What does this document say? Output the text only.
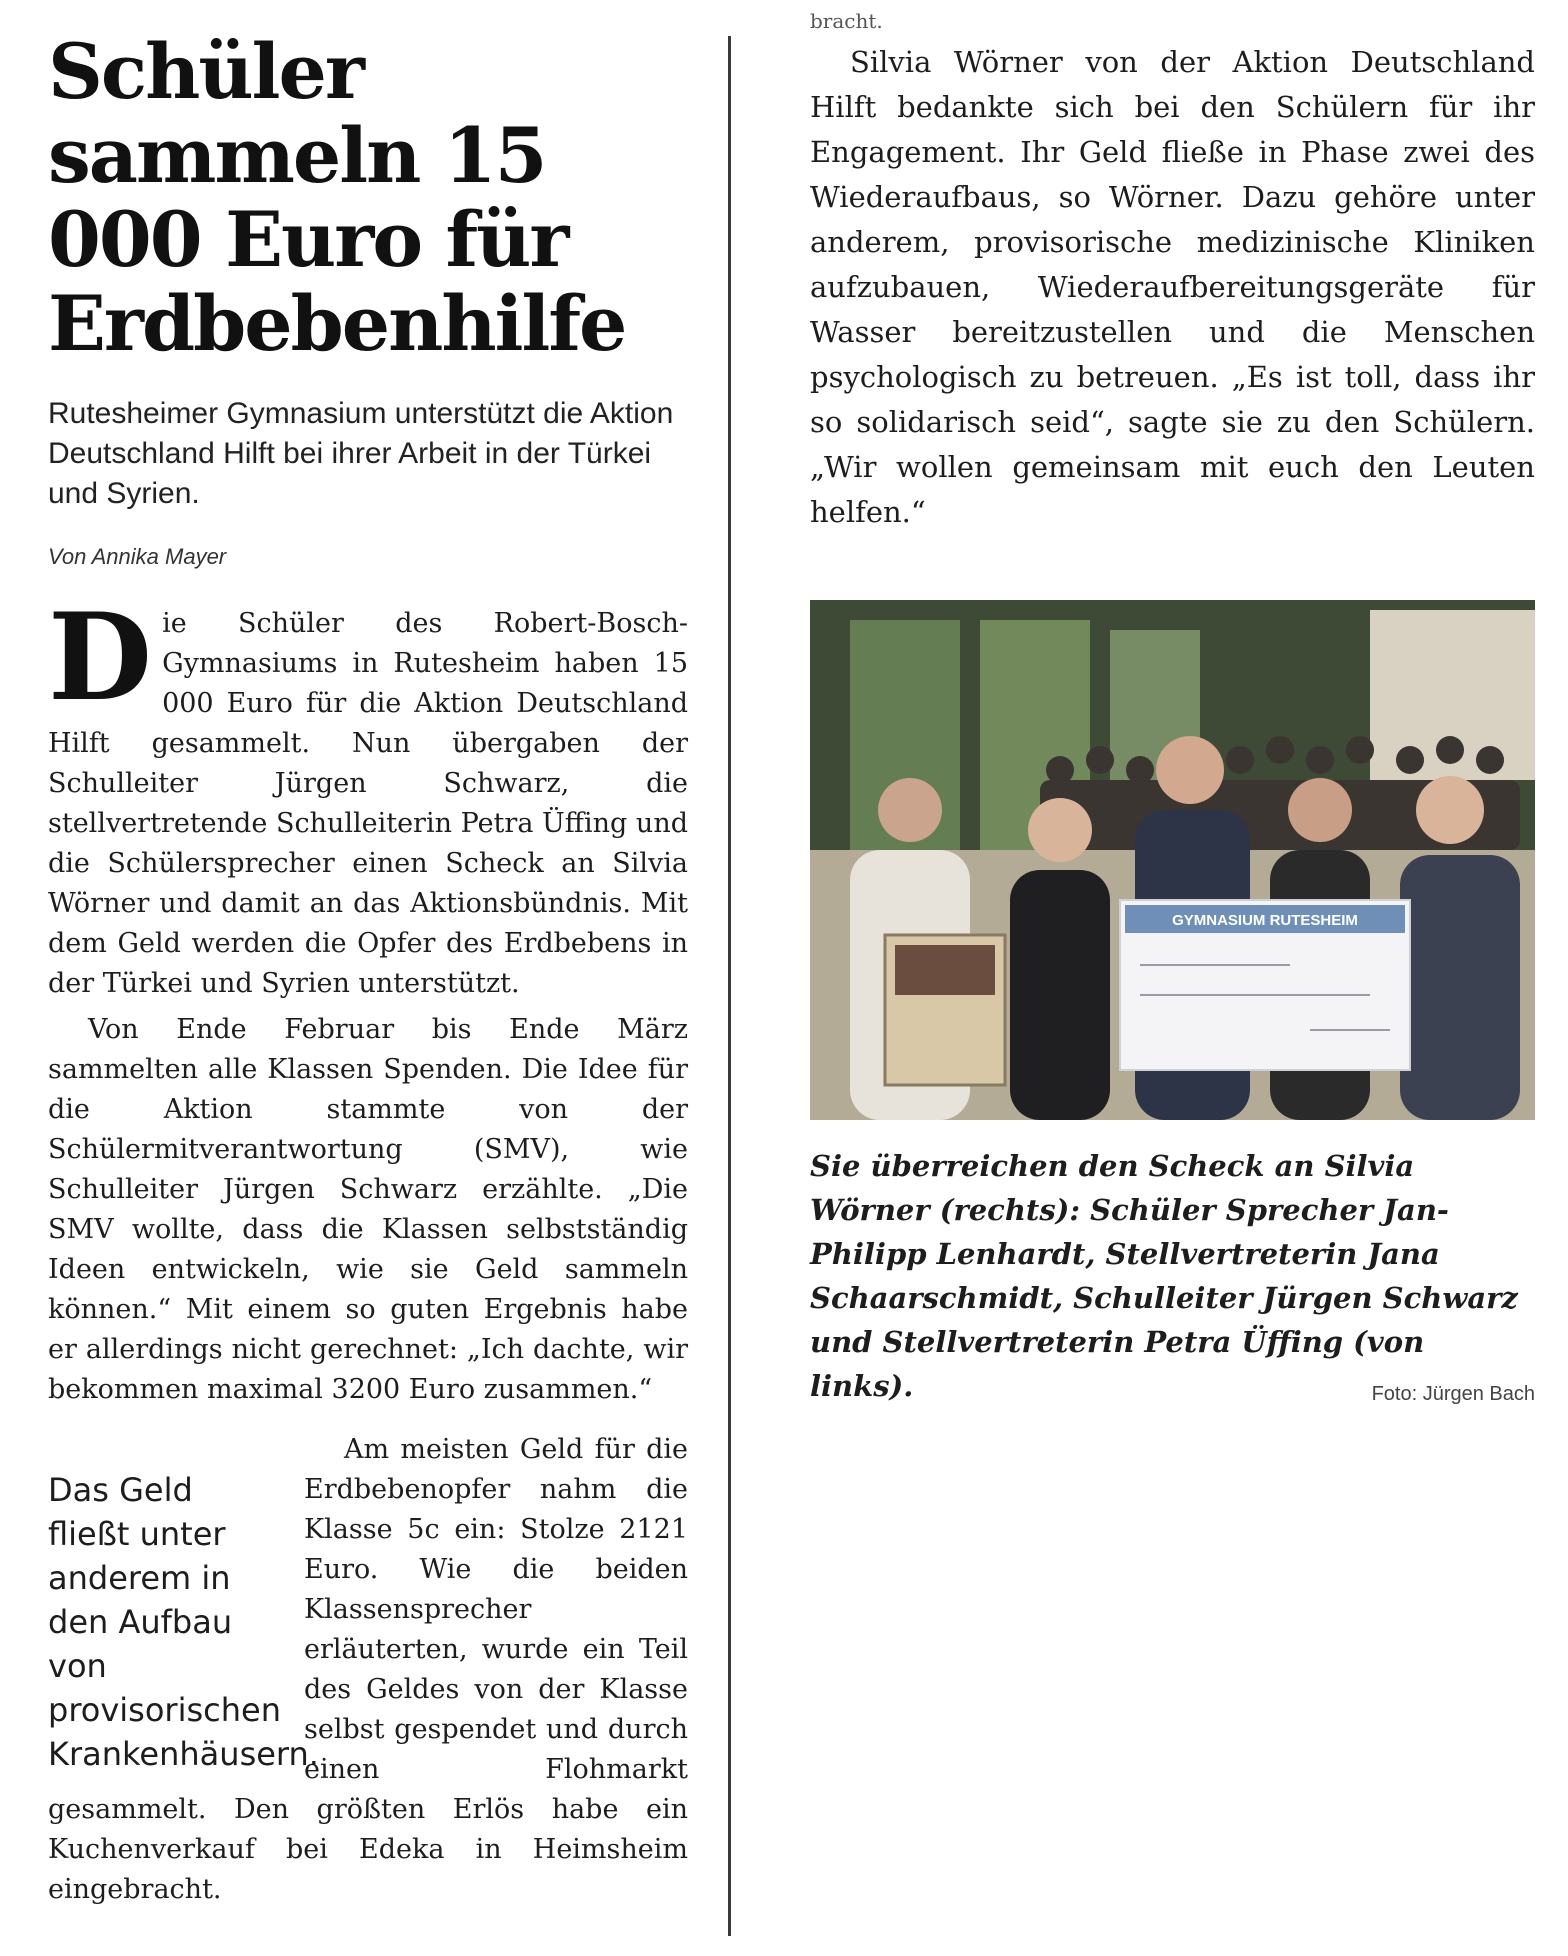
Schüler sammeln 15 000 Euro für Erdbebenhilfe

Rutesheimer Gymnasium unterstützt die Aktion Deutschland Hilft bei ihrer Arbeit in der Türkei und Syrien.

Von Annika Mayer

Die Schüler des Robert-Bosch-Gymnasiums in Rutesheim haben 15 000 Euro für die Aktion Deutschland Hilft gesammelt. Nun übergaben der Schulleiter Jürgen Schwarz, die stellvertretende Schulleiterin Petra Üffing und die Schülersprecher einen Scheck an Silvia Wörner und damit an das Aktionsbündnis. Mit dem Geld werden die Opfer des Erdbebens in der Türkei und Syrien unterstützt.

Von Ende Februar bis Ende März sammelten alle Klassen Spenden. Die Idee für die Aktion stammte von der Schülermitverantwortung (SMV), wie Schulleiter Jürgen Schwarz erzählte. „Die SMV wollte, dass die Klassen selbstständig Ideen entwickeln, wie sie Geld sammeln können.“ Mit einem so guten Ergebnis habe er allerdings nicht gerechnet: „Ich dachte, wir bekommen maximal 3200 Euro zusammen.“

Das Geld fließt unter anderem in den Aufbau von provisorischen Krankenhäusern.

Am meisten Geld für die Erdbebenopfer nahm die Klasse 5c ein: Stolze 2121 Euro. Wie die beiden Klassensprecher erläuterten, wurde ein Teil des Geldes von der Klasse selbst gespendet und durch einen Flohmarkt gesammelt. Den größten Erlös habe ein Kuchenverkauf bei Edeka in Heimsheim eingebracht.

bracht.

Silvia Wörner von der Aktion Deutschland Hilft bedankte sich bei den Schülern für ihr Engagement. Ihr Geld fließe in Phase zwei des Wiederaufbaus, so Wörner. Dazu gehöre unter anderem, provisorische medizinische Kliniken aufzubauen, Wiederaufbereitungsgeräte für Wasser bereitzustellen und die Menschen psychologisch zu betreuen. „Es ist toll, dass ihr so solidarisch seid“, sagte sie zu den Schülern. „Wir wollen gemeinsam mit euch den Leuten helfen.“

GYMNASIUM RUTESHEIM

Sie überreichen den Scheck an Silvia Wörner (rechts): Schüler Sprecher Jan-Philipp Lenhardt, Stellvertreterin Jana Schaarschmidt, Schulleiter Jürgen Schwarz und Stellvertreterin Petra Üffing (von links).	Foto: Jürgen Bach
